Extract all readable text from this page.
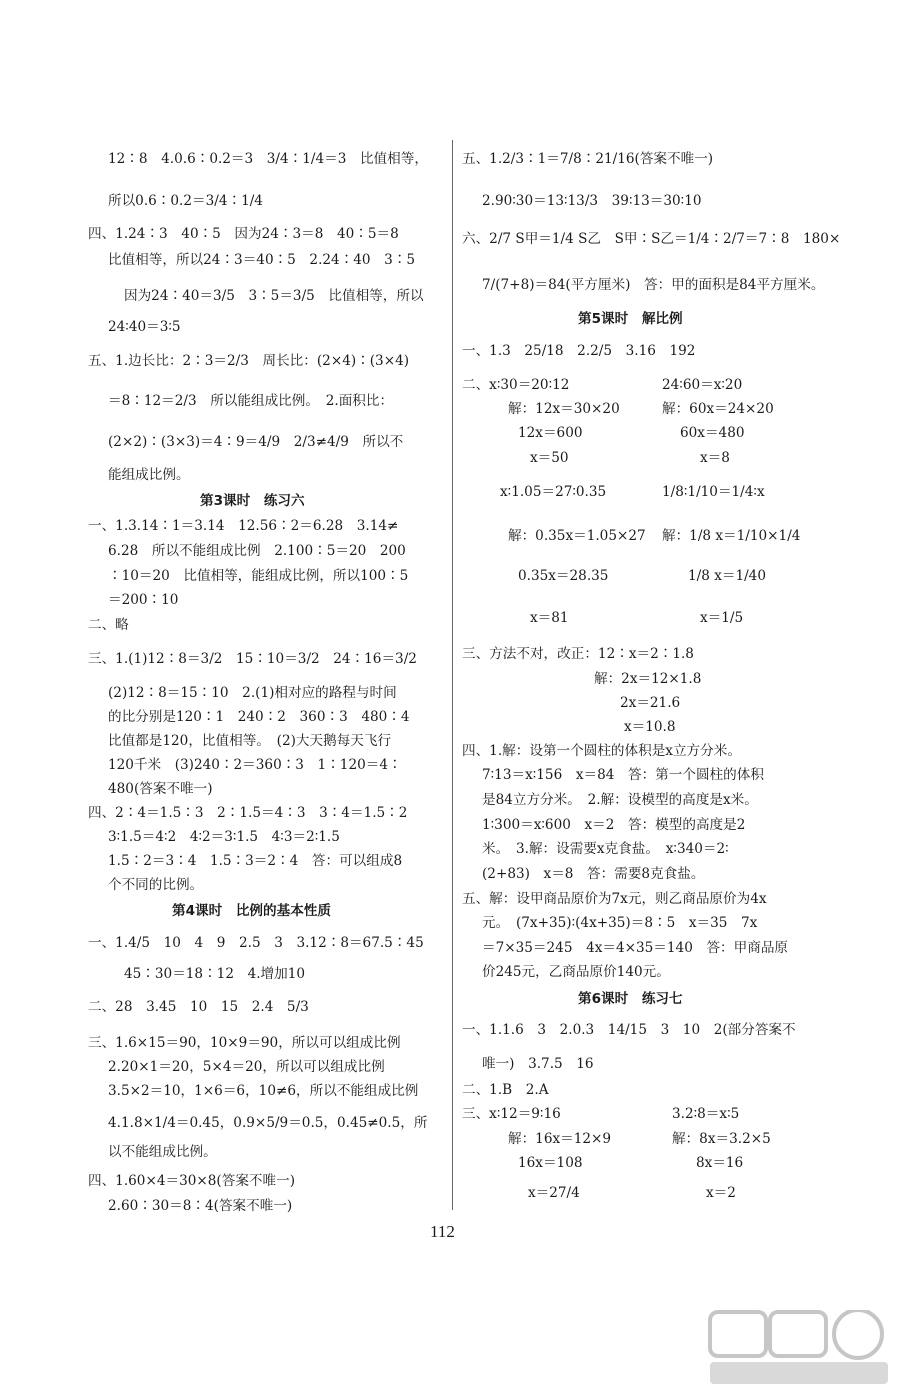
12∶8　4.0.6∶0.2＝3　3/4∶1/4＝3　比值相等，
所以0.6∶0.2＝3/4∶1/4
四、1.24∶3　40∶5　因为24∶3＝8　40∶5＝8
比值相等，所以24∶3＝40∶5　2.24∶40　3∶5
因为24∶40＝3/5　3∶5＝3/5　比值相等，所以
24∶40＝3∶5
五、1.边长比：2∶3＝2/3　周长比：(2×4)∶(3×4)
＝8∶12＝2/3　所以能组成比例。　2.面积比：
(2×2)∶(3×3)＝4∶9＝4/9　2/3≠4/9　所以不
能组成比例。
第3课时　练习六
一、1.3.14∶1＝3.14　12.56∶2＝6.28　3.14≠
6.28　所以不能组成比例　2.100∶5＝20　200
∶10＝20　比值相等，能组成比例，所以100∶5
＝200∶10
二、略
三、1.(1)12∶8＝3/2　15∶10＝3/2　24∶16＝3/2
(2)12∶8＝15∶10　2.(1)相对应的路程与时间
的比分别是120∶1　240∶2　360∶3　480∶4
比值都是120，比值相等。　(2)大天鹅每天飞行
120千米　(3)240∶2＝360∶3　1∶120＝4∶
480(答案不唯一)
四、2∶4＝1.5∶3　2∶1.5＝4∶3　3∶4＝1.5∶2
3∶1.5＝4∶2　4∶2＝3∶1.5　4∶3＝2∶1.5
1.5∶2＝3∶4　1.5∶3＝2∶4　答：可以组成8
个不同的比例。
第4课时　比例的基本性质
一、1.4/5　10　4　9　2.5　3　3.12∶8＝67.5∶45
45∶30＝18∶12　4.增加10
二、28　3.45　10　15　2.4　5/3
三、1.6×15＝90，10×9＝90，所以可以组成比例
2.20×1＝20，5×4＝20，所以可以组成比例
3.5×2＝10，1×6＝6，10≠6，所以不能组成比例
4.1.8×1/4＝0.45，0.9×5/9＝0.5，0.45≠0.5，所
以不能组成比例。
四、1.60×4＝30×8(答案不唯一)
2.60∶30＝8∶4(答案不唯一)
五、1.2/3∶1＝7/8∶21/16(答案不唯一)
2.90∶30＝13∶13/3　39∶13＝30∶10
六、2/7 S甲＝1/4 S乙　S甲∶S乙＝1/4∶2/7＝7∶8　180×
7/(7+8)＝84(平方厘米)　答：甲的面积是84平方厘米。
第5课时　解比例
一、1.3　25/18　2.2/5　3.16　192
二、x∶30＝20∶12	24∶60＝x∶20
解：12x＝30×20	解：60x＝24×20
12x＝600	60x＝480
x＝50	x＝8
x∶1.05＝27∶0.35	1/8∶1/10＝1/4∶x
解：0.35x＝1.05×27 解：1/8 x＝1/10×1/4
0.35x＝28.35	1/8 x＝1/40
x＝81	x＝1/5
三、方法不对，改正：12∶x＝2∶1.8
解：2x＝12×1.8
2x＝21.6
x＝10.8
四、1.解：设第一个圆柱的体积是x立方分米。
7∶13＝x∶156　x＝84　答：第一个圆柱的体积
是84立方分米。　2.解：设模型的高度是x米。
1∶300＝x∶600　x＝2　答：模型的高度是2
米。　3.解：设需要x克食盐。　x∶340＝2∶
(2+83)　x＝8　答：需要8克食盐。
五、解：设甲商品原价为7x元，则乙商品原价为4x
元。　(7x+35)∶(4x+35)＝8∶5　x＝35　7x
＝7×35＝245　4x＝4×35＝140　答：甲商品原
价245元，乙商品原价140元。
第6课时　练习七
一、1.1.6　3　2.0.3　14/15　3　10　2(部分答案不
唯一)　3.7.5　16
二、1.B　2.A
三、x∶12＝9∶16	3.2∶8＝x∶5
解：16x＝12×9	解：8x＝3.2×5
16x＝108	8x＝16
x＝27/4	x＝2
112
